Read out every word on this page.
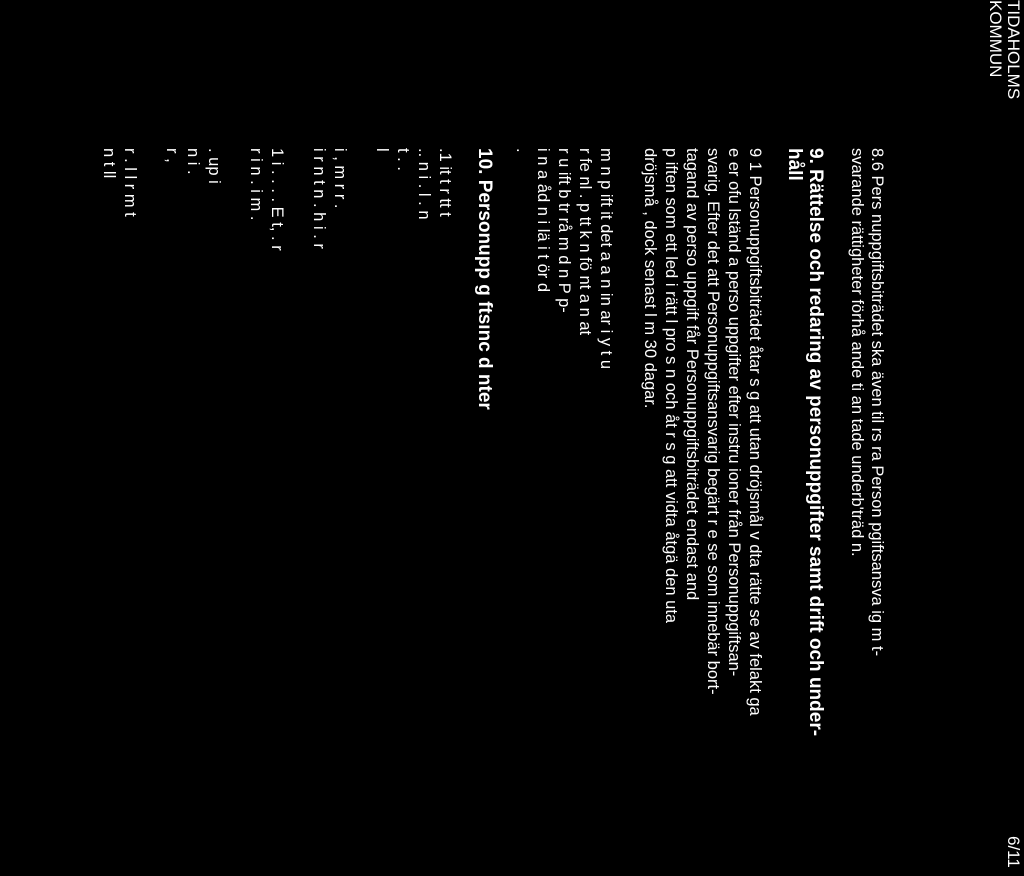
TIDAHOLMS
KOMMUN
6/11
8.6 Pers nuppgiftsbiträdet ska även til rs ra Person pgiftsansva ig m t-
svarande rättigheter förhå ande ti an tade underb'träd n.
9. Rättelse och redaring av personuppgifter samt drift och under-
håll
9 1 Personuppgiftsbiträdet åtar s g att utan dröjsmål v dta rätte se av felakt ga
e er ofu lständ a perso uppgifter efter instru ioner från Personuppgiftsan-
svarig. Efter det att Personuppgiftsansvarig begärt r e se som innebär bort-
tagand av perso uppgift får Personuppgiftsbiträdet endast and
p iften som ett led i rätt l pro s n och åt r s g att vidta åtgä den uta
dröjsmå , dock senast l m 30 dagar.
m n p ift it det a a n in ar i y t u
r fe nl . p tt k n fö nt a n at
r u ift b tr rå m d n P p-
i n a åd n i lä i t ör d
.
10. Personupp g ftsınc d nter
.1 it t r tt t
.. n i . l . n
t . .
l
i , m r r .
i r n t n . h i . r
1 i . . . . E t, . r
r i n . i m .
. up i
n i .
r ,
r . l l r m t
n t ll
